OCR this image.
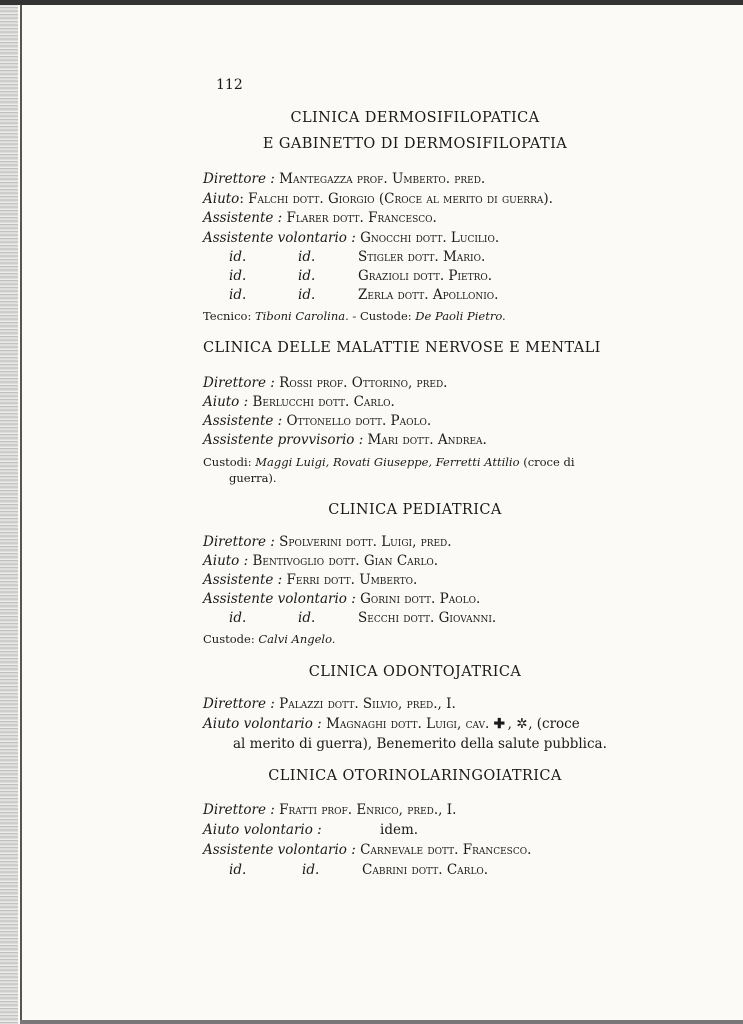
112
CLINICA DERMOSIFILOPATICA
E GABINETTO DI DERMOSIFILOPATIA
Direttore : Mantegazza prof. Umberto. pred.
Aiuto: Falchi dott. Giorgio (Croce al merito di guerra).
Assistente : Flarer dott. Francesco.
Assistente volontario : Gnocchi dott. Lucilio.
id.	id.	Stigler dott. Mario.
id.	id.	Grazioli dott. Pietro.
id.	id.	Zerla dott. Apollonio.
Tecnico: Tiboni Carolina. - Custode: De Paoli Pietro.
CLINICA DELLE MALATTIE NERVOSE E MENTALI
Direttore : Rossi prof. Ottorino, pred.
Aiuto : Berlucchi dott. Carlo.
Assistente : Ottonello dott. Paolo.
Assistente provvisorio : Mari dott. Andrea.
Custodi: Maggi Luigi, Rovati Giuseppe, Ferretti Attilio (croce di
guerra).
CLINICA PEDIATRICA
Direttore : Spolverini dott. Luigi, pred.
Aiuto : Bentivoglio dott. Gian Carlo.
Assistente : Ferri dott. Umberto.
Assistente volontario : Gorini dott. Paolo.
id.	id.	Secchi dott. Giovanni.
Custode: Calvi Angelo.
CLINICA ODONTOJATRICA
Direttore : Palazzi dott. Silvio, pred., I.
Aiuto volontario : Magnaghi dott. Luigi, cav. ✚ , ✲, (croce
al merito di guerra), Benemerito della salute pubblica.
CLINICA OTORINOLARINGOIATRICA
Direttore : Fratti prof. Enrico, pred., I.
Aiuto volontario :	idem.
Assistente volontario : Carnevale dott. Francesco.
id.	id.	Cabrini dott. Carlo.
